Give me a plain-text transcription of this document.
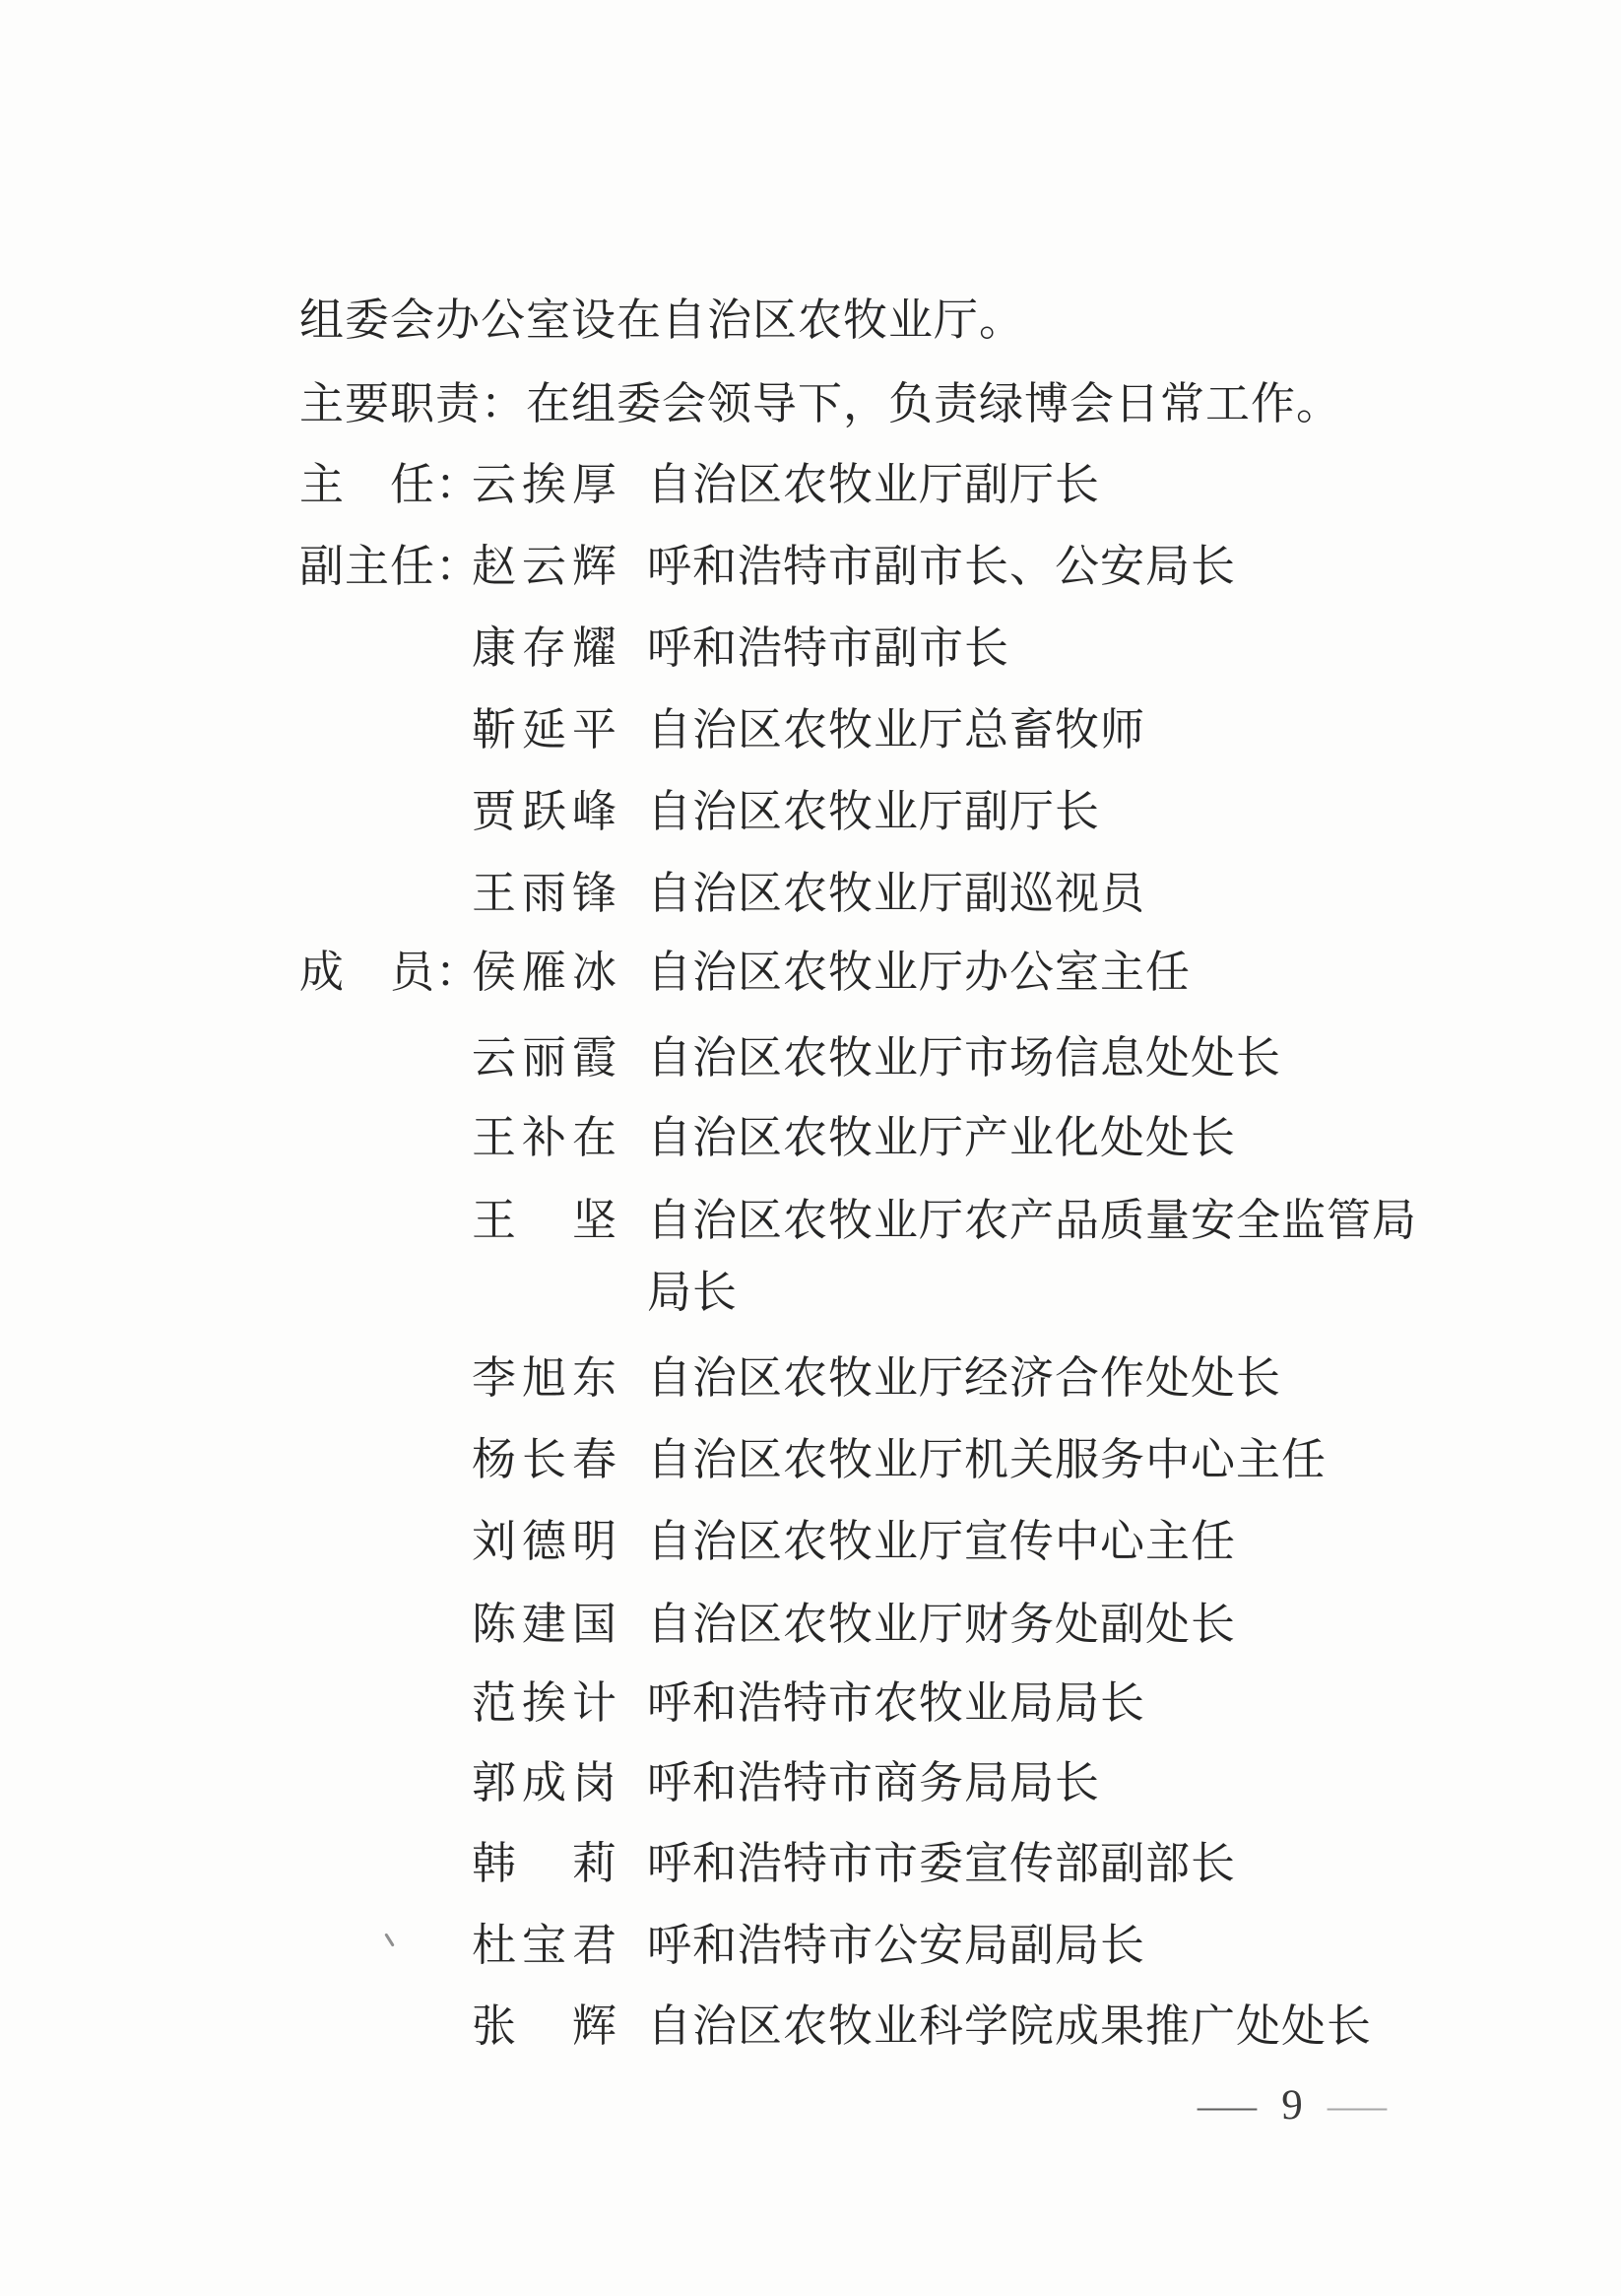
组委会办公室设在自治区农牧业厅。
主要职责：在组委会领导下，负责绿博会日常工作。
主　任：
云挨厚 自治区农牧业厅副厅长
副主任：
赵云辉 呼和浩特市副市长、公安局长
康存耀 呼和浩特市副市长
靳延平 自治区农牧业厅总畜牧师
贾跃峰 自治区农牧业厅副厅长
王雨锋 自治区农牧业厅副巡视员
成　员：
侯雁冰 自治区农牧业厅办公室主任
云丽霞 自治区农牧业厅市场信息处处长
王补在 自治区农牧业厅产业化处处长
王　坚 自治区农牧业厅农产品质量安全监管局
局长
李旭东 自治区农牧业厅经济合作处处长
杨长春 自治区农牧业厅机关服务中心主任
刘德明 自治区农牧业厅宣传中心主任
陈建国 自治区农牧业厅财务处副处长
范挨计 呼和浩特市农牧业局局长
郭成岗 呼和浩特市商务局局长
韩　莉 呼和浩特市市委宣传部副部长
杜宝君 呼和浩特市公安局副局长
张　辉 自治区农牧业科学院成果推广处处长
— 9 —
